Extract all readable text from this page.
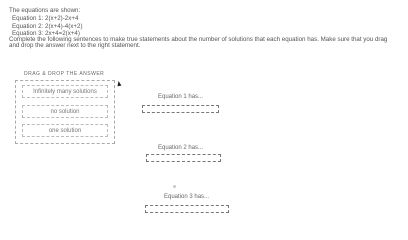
The equations are shown:
Equation 1: 2(x+2)-2x+4
Equation 2: 2(x+4)-4(x+2)
Equation 3: 2x+4=2(x+4)
Complete the following sentences to make true statements about the number of solutions that each equation has. Make sure that you drag
and drop the answer next to the right statement.
DRAG & DROP THE ANSWER
Infinitely many solutions
no solution
one solution
Equation 1 has...
Equation 2 has...
Equation 3 has...
